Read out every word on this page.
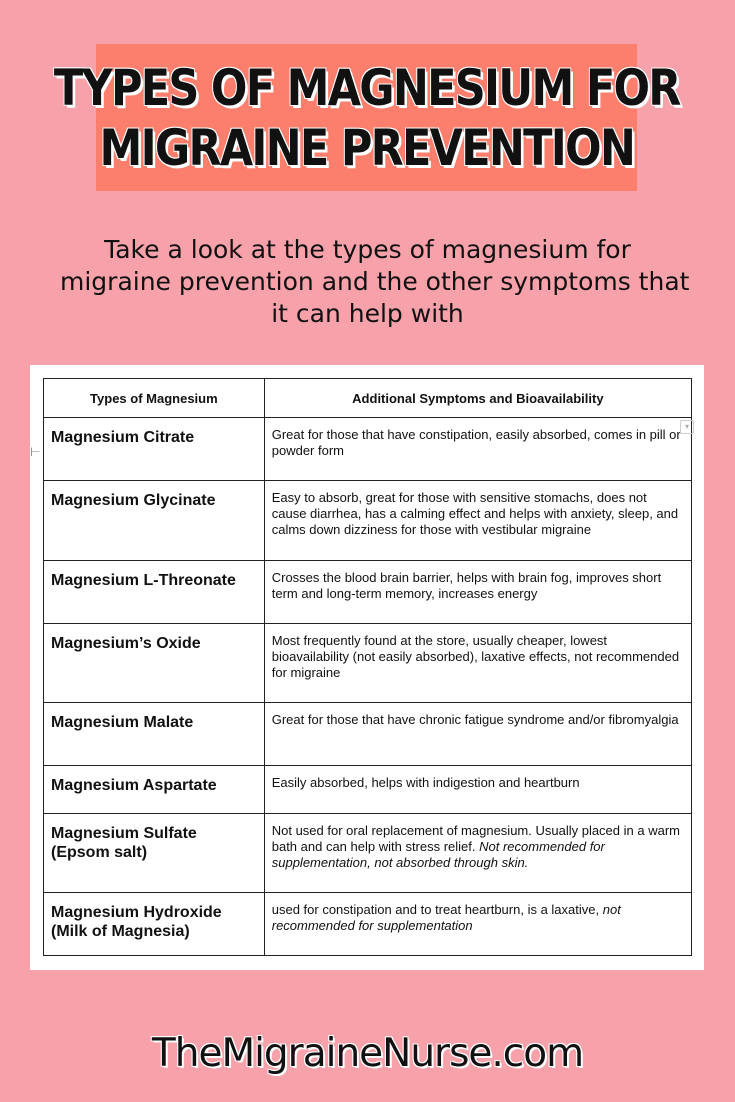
TYPES OF MAGNESIUM FOR
MIGRAINE PREVENTION
Take a look at the types of magnesium for
migraine prevention and the other symptoms that
it can help with
⊢
Types of Magnesium	Additional Symptoms and Bioavailability

Magnesium Citrate	Great for those that have constipation, easily absorbed, comes in pill or powder form

Magnesium Glycinate	Easy to absorb, great for those with sensitive stomachs, does not cause diarrhea, has a calming effect and helps with anxiety, sleep, and calms down dizziness for those with vestibular migraine

Magnesium L-Threonate	Crosses the blood brain barrier, helps with brain fog, improves short term and long-term memory, increases energy

Magnesium’s Oxide	Most frequently found at the store, usually cheaper, lowest bioavailability (not easily absorbed), laxative effects, not recommended for migraine

Magnesium Malate	Great for those that have chronic fatigue syndrome and/or fibromyalgia

Magnesium Aspartate	Easily absorbed, helps with indigestion and heartburn

Magnesium Sulfate
(Epsom salt)	Not used for oral replacement of magnesium. Usually placed in a warm bath and can help with stress relief. Not recommended for supplementation, not absorbed through skin.

Magnesium Hydroxide
(Milk of Magnesia)	used for constipation and to treat heartburn, is a laxative, not recommended for supplementation
▾
TheMigraineNurse.com
